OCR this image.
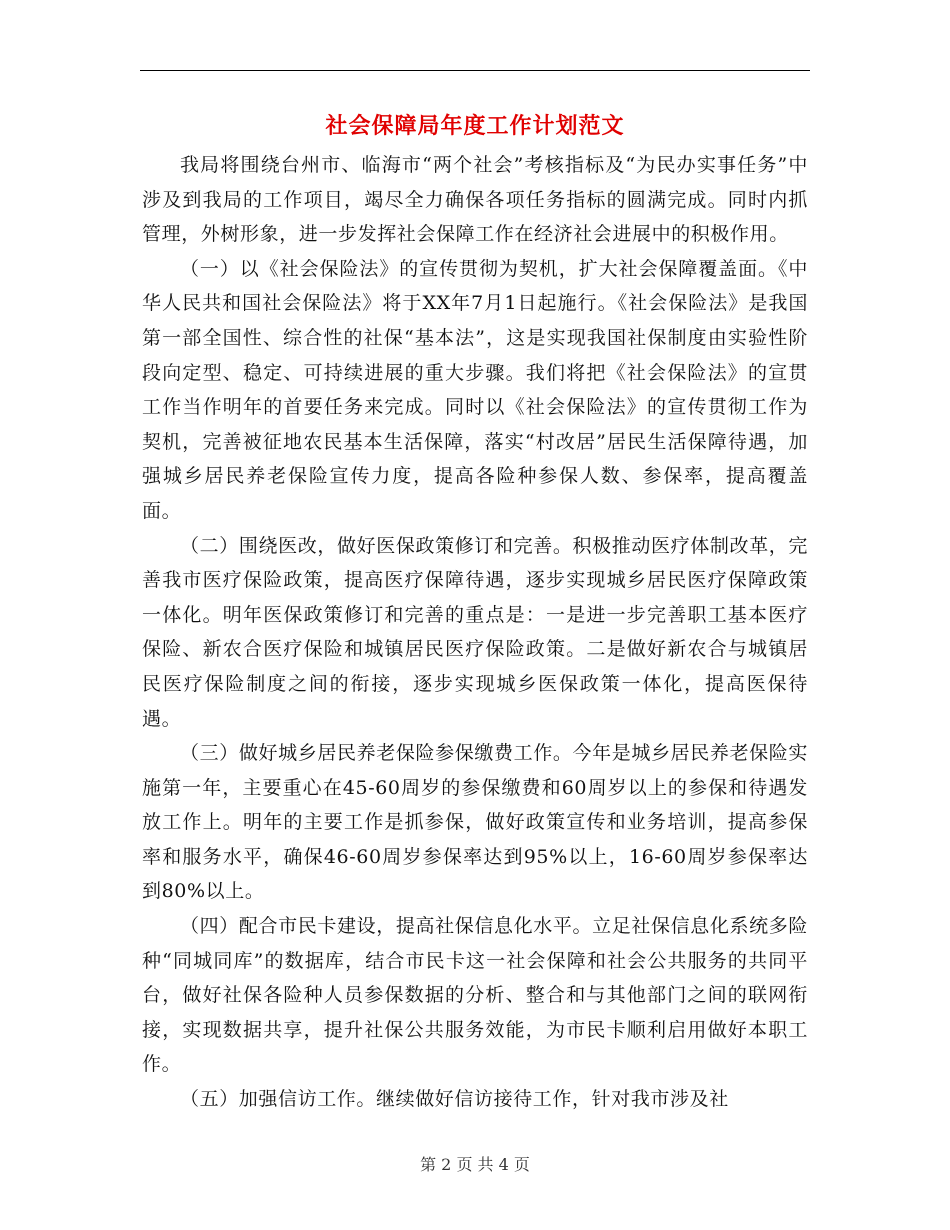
社会保障局年度工作计划范文

我局将围绕台州市、临海市“两个社会”考核指标及“为民办实事任务”中涉及到我局的工作项目，竭尽全力确保各项任务指标的圆满完成。同时内抓管理，外树形象，进一步发挥社会保障工作在经济社会进展中的积极作用。

（一）以《社会保险法》的宣传贯彻为契机，扩大社会保障覆盖面。《中华人民共和国社会保险法》将于XX年7月1日起施行。《社会保险法》是我国第一部全国性、综合性的社保“基本法”，这是实现我国社保制度由实验性阶段向定型、稳定、可持续进展的重大步骤。我们将把《社会保险法》的宣贯工作当作明年的首要任务来完成。同时以《社会保险法》的宣传贯彻工作为契机，完善被征地农民基本生活保障，落实“村改居”居民生活保障待遇，加强城乡居民养老保险宣传力度，提高各险种参保人数、参保率，提高覆盖面。

（二）围绕医改，做好医保政策修订和完善。积极推动医疗体制改革，完善我市医疗保险政策，提高医疗保障待遇，逐步实现城乡居民医疗保障政策一体化。明年医保政策修订和完善的重点是：一是进一步完善职工基本医疗保险、新农合医疗保险和城镇居民医疗保险政策。二是做好新农合与城镇居民医疗保险制度之间的衔接，逐步实现城乡医保政策一体化，提高医保待遇。

（三）做好城乡居民养老保险参保缴费工作。今年是城乡居民养老保险实施第一年，主要重心在45-60周岁的参保缴费和60周岁以上的参保和待遇发放工作上。明年的主要工作是抓参保，做好政策宣传和业务培训，提高参保率和服务水平，确保46-60周岁参保率达到95%以上，16-60周岁参保率达到80%以上。

（四）配合市民卡建设，提高社保信息化水平。立足社保信息化系统多险种“同城同库”的数据库，结合市民卡这一社会保障和社会公共服务的共同平台，做好社保各险种人员参保数据的分析、整合和与其他部门之间的联网衔接，实现数据共享，提升社保公共服务效能，为市民卡顺利启用做好本职工作。

（五）加强信访工作。继续做好信访接待工作，针对我市涉及社

第 2 页 共 4 页
